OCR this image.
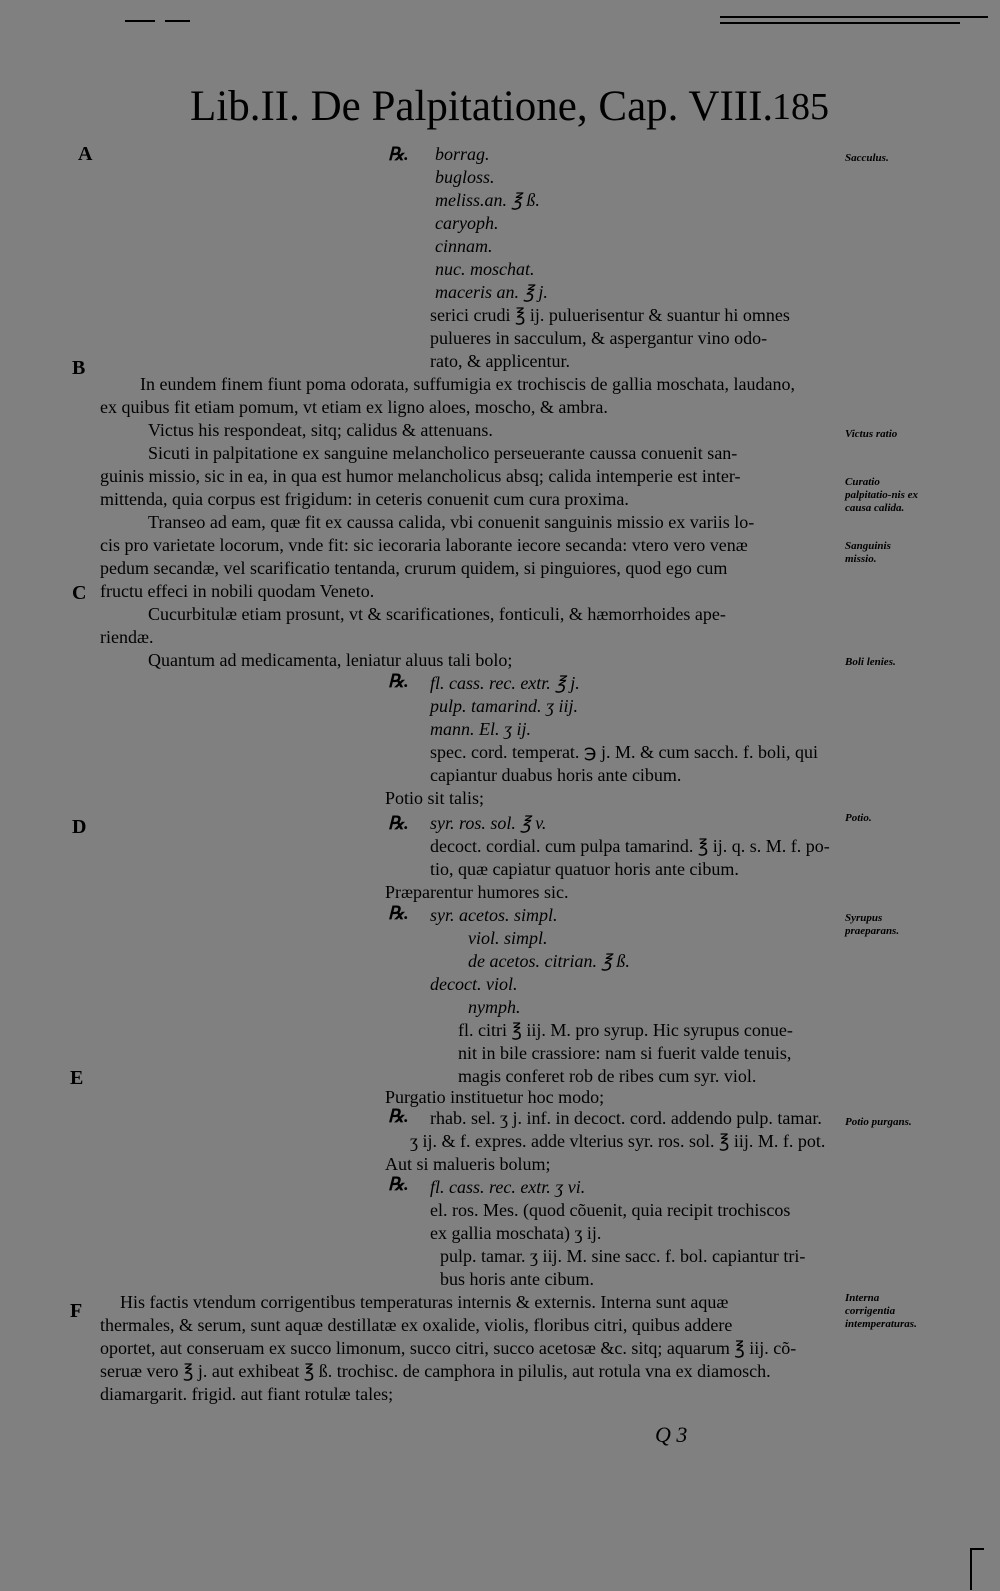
Lib.II. De Palpitatione, Cap. VIII.
185
A
B
C
D
E
F
Sacculus.
Victus ratio
Curatio palpitatio-nis ex causa calida.
Sanguinis missio.
Boli lenies.
Potio.
Syrupus praeparans.
Potio purgans.
Interna corrigentia intemperaturas.
℞.
℞.
℞.
℞.
℞.
℞.
borrag.
bugloss.
meliss.an. ℥ ß.
caryoph.
cinnam.
nuc. moschat.
maceris an. ℥ j.
serici crudi ℥ ij. puluerisentur & suantur hi omnes
pulueres in sacculum, & aspergantur vino odo-
rato, & applicentur.
In eundem finem fiunt poma odorata, suffumigia ex trochiscis de gallia moschata, laudano,
ex quibus fit etiam pomum, vt etiam ex ligno aloes, moscho, & ambra.
Victus his respondeat, sitq; calidus & attenuans.
Sicuti in palpitatione ex sanguine melancholico perseuerante caussa conuenit san-
guinis missio, sic in ea, in qua est humor melancholicus absq; calida intemperie est inter-
mittenda, quia corpus est frigidum: in ceteris conuenit cum cura proxima.
Transeo ad eam, quæ fit ex caussa calida, vbi conuenit sanguinis missio ex variis lo-
cis pro varietate locorum, vnde fit: sic iecoraria laborante iecore secanda: vtero vero venæ
pedum secandæ, vel scarificatio tentanda, crurum quidem, si pinguiores, quod ego cum
fructu effeci in nobili quodam Veneto.
Cucurbitulæ etiam prosunt, vt & scarificationes, fonticuli, & hæmorrhoides ape-
riendæ.
Quantum ad medicamenta, leniatur aluus tali bolo;
fl. cass. rec. extr. ℥ j.
pulp. tamarind. ʒ iij.
mann. El. ʒ ij.
spec. cord. temperat. ℈ j. M. & cum sacch. f. boli, qui
capiantur duabus horis ante cibum.
Potio sit talis;
syr. ros. sol. ℥ v.
decoct. cordial. cum pulpa tamarind. ℥ ij. q. s. M. f. po-
tio, quæ capiatur quatuor horis ante cibum.
Præparentur humores sic.
syr. acetos. simpl.
viol. simpl.
de acetos. citrian. ℥ ß.
decoct. viol.
nymph.
fl. citri ℥ iij. M. pro syrup. Hic syrupus conue-
nit in bile crassiore: nam si fuerit valde tenuis,
magis conferet rob de ribes cum syr. viol.
Purgatio instituetur hoc modo;
rhab. sel. ʒ j. inf. in decoct. cord. addendo pulp. tamar.
ʒ ij. & f. expres. adde vlterius syr. ros. sol. ℥ iij. M. f. pot.
Aut si malueris bolum;
fl. cass. rec. extr. ʒ vi.
el. ros. Mes. (quod cõuenit, quia recipit trochiscos
ex gallia moschata) ʒ ij.
pulp. tamar. ʒ iij. M. sine sacc. f. bol. capiantur tri-
bus horis ante cibum.
His factis vtendum corrigentibus temperaturas internis & externis. Interna sunt aquæ
thermales, & serum, sunt aquæ destillatæ ex oxalide, violis, floribus citri, quibus addere
oportet, aut conseruam ex succo limonum, succo citri, succo acetosæ &c. sitq; aquarum ℥ iij. cõ-
seruæ vero ℥ j. aut exhibeat ℥ ß. trochisc. de camphora in pilulis, aut rotula vna ex diamosch.
diamargarit. frigid. aut fiant rotulæ tales;
Q 3
